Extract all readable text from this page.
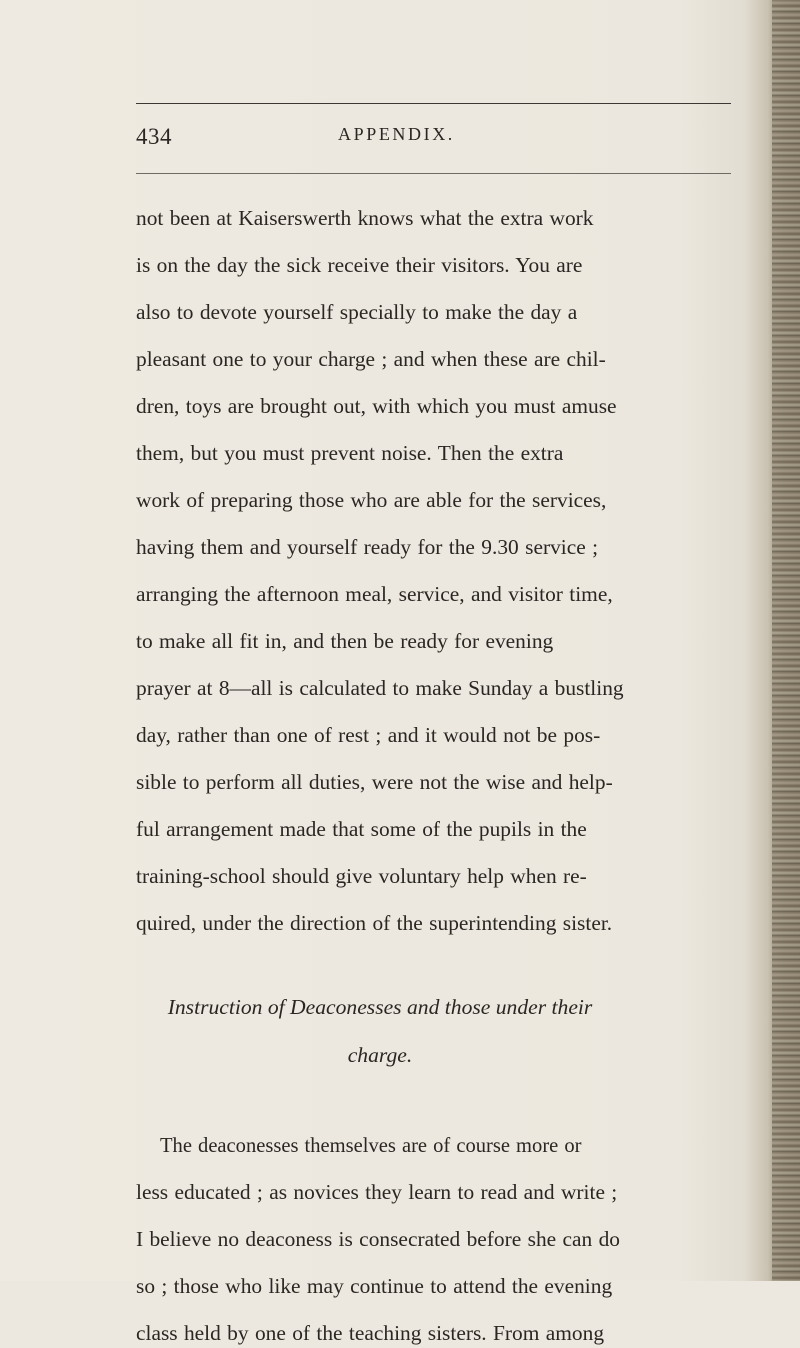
434	APPENDIX.
not been at Kaiserswerth knows what the extra work
is on the day the sick receive their visitors. You are
also to devote yourself specially to make the day a
pleasant one to your charge ; and when these are chil-
dren, toys are brought out, with which you must amuse
them, but you must prevent noise. Then the extra
work of preparing those who are able for the services,
having them and yourself ready for the 9.30 service ;
arranging the afternoon meal, service, and visitor time,
to make all fit in, and then be ready for evening
prayer at 8—all is calculated to make Sunday a bustling
day, rather than one of rest ; and it would not be pos-
sible to perform all duties, were not the wise and help-
ful arrangement made that some of the pupils in the
training-school should give voluntary help when re-
quired, under the direction of the superintending sister.
Instruction of Deaconesses and those under their
charge.
The deaconesses themselves are of course more or
less educated ; as novices they learn to read and write ;
I believe no deaconess is consecrated before she can do
so ; those who like may continue to attend the evening
class held by one of the teaching sisters. From among
